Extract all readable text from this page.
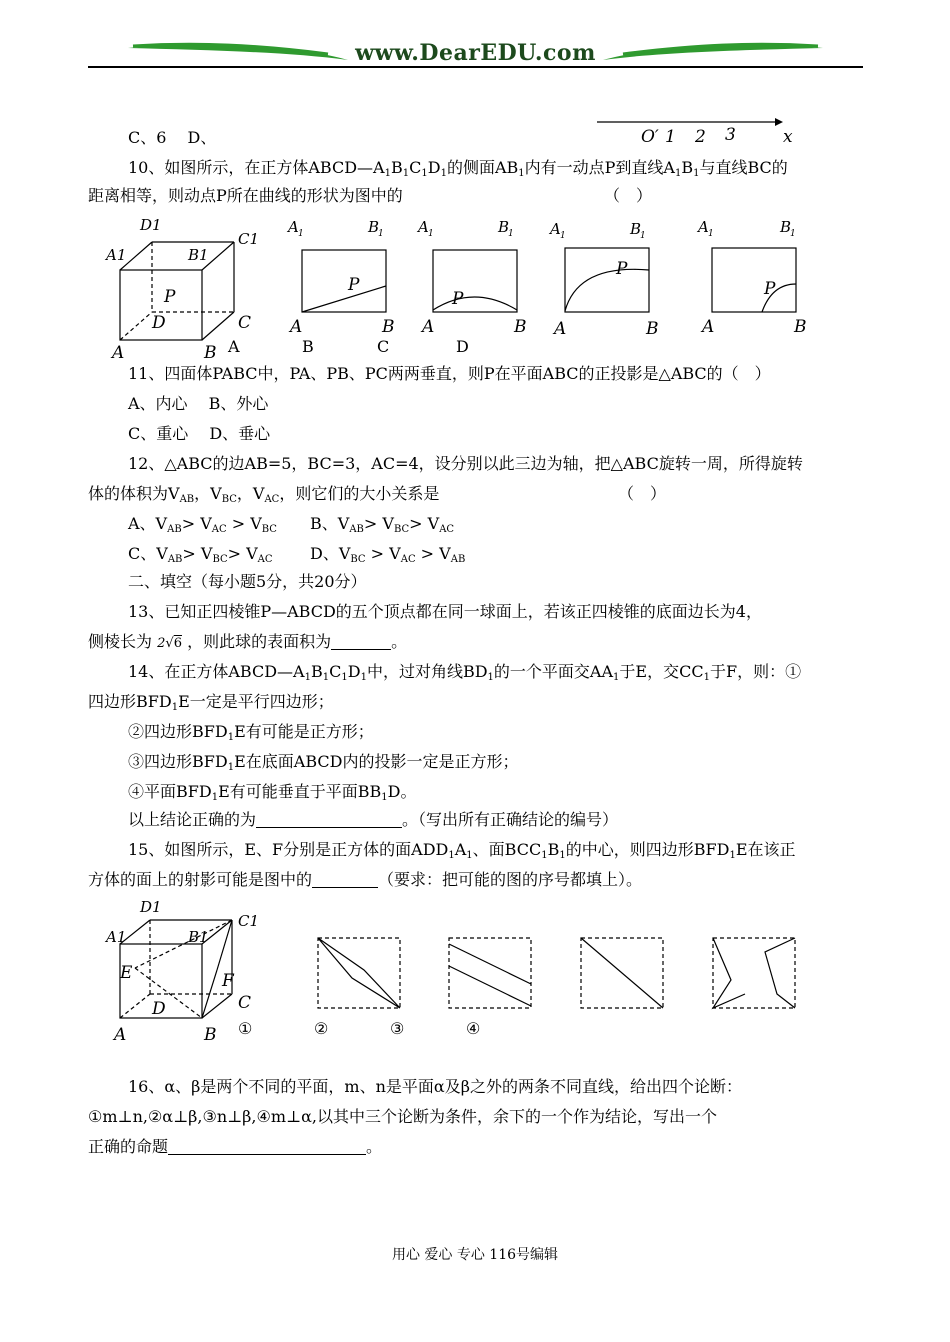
www.DearEDU.com
O′ 1 2 3	x
C、6　 D、
10、如图所示，在正方体$ABCD—A_1B_1C_1D_1$的侧面$AB_1$内有一动点P到直线$A_1B_1$与直线BC的
距离相等，则动点P所在曲线的形状为图中的	（　）
D1
C1
A1	B1
P
D	C
A	B
A 1	B
1
A	B
P
A 1	B
1
A	B
P
A 1	B
1
A	B
P
A 1	B
1
A	B
P
A	B	C	D
11、四面体PABC中，PA、PB、PC两两垂直，则P在平面ABC的正投影是△ABC的（　）
A、内心　 B、外心
C、重心　 D、垂心
12、△ABC的边AB=5，BC=3，AC=4，设分别以此三边为轴，把△ABC旋转一周，所得旋转
体的体积为$V_{AB}$，$V_{BC}$，$V_{AC}$，则它们的大小关系是	（　）
A、$V_{AB}> V_{AC} > V_{BC}$ B、$V_{AB}> V_{BC}> V_{AC}$
C、$V_{AB}> V_{BC}> V_{AC}$ D、$V_{BC} > V_{AC} > V_{AB}$
二、填空（每小题5分，共20分）
13、已知正四棱锥P—ABCD的五个顶点都在同一球面上，若该正四棱锥的底面边长为4，
侧棱长为 2√6 ，则此球的表面积为	。
14、在正方体$ABCD—A_1B_1C_1D_1$中，过对角线$BD_1$的一个平面交$AA_1$于E，交$CC_1$于F，则：①
四边形$BFD_1E$一定是平行四边形；
②四边形$BFD_1E$有可能是正方形；
③四边形$BFD_1E$在底面ABCD内的投影一定是正方形；
④平面$BFD_1E$有可能垂直于平面$BB_1D$。
以上结论正确的为	。（写出所有正确结论的编号）
15、如图所示，E、F分别是正方体的面$ADD_1A_1$、面$BCC_1B_1$的中心，则四边形$BFD_1E$在该正
方体的面上的射影可能是图中的	（要求：把可能的图的序号都填上）。
D1
C1
A1	B1
E	F
D	C
A	B ①	②	③	④
16、α、β是两个不同的平面，m、n是平面α及β之外的两条不同直线，给出四个论断：
①m⊥n,②α⊥β,③n⊥β,④m⊥α,以其中三个论断为条件，余下的一个作为结论，写出一个
正确的命题	。
用心 爱心 专心 116号编辑
